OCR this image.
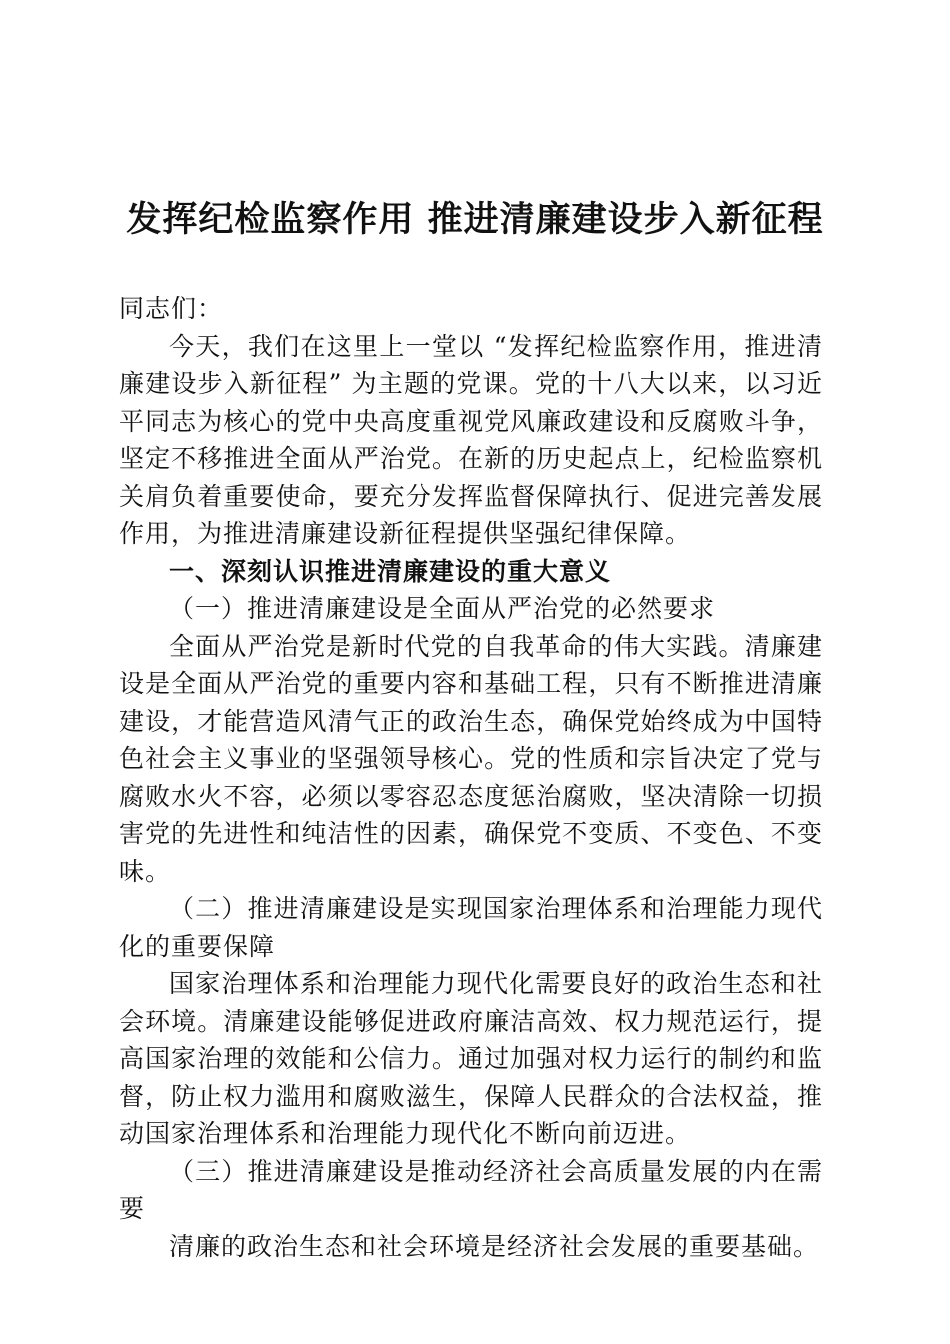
发挥纪检监察作用 推进清廉建设步入新征程

同志们：

今天，我们在这里上一堂以 “发挥纪检监察作用，推进清廉建设步入新征程” 为主题的党课。党的十八大以来，以习近平同志为核心的党中央高度重视党风廉政建设和反腐败斗争，坚定不移推进全面从严治党。在新的历史起点上，纪检监察机关肩负着重要使命，要充分发挥监督保障执行、促进完善发展作用，为推进清廉建设新征程提供坚强纪律保障。

一、深刻认识推进清廉建设的重大意义

（一）推进清廉建设是全面从严治党的必然要求

全面从严治党是新时代党的自我革命的伟大实践。清廉建设是全面从严治党的重要内容和基础工程，只有不断推进清廉建设，才能营造风清气正的政治生态，确保党始终成为中国特色社会主义事业的坚强领导核心。党的性质和宗旨决定了党与腐败水火不容，必须以零容忍态度惩治腐败，坚决清除一切损害党的先进性和纯洁性的因素，确保党不变质、不变色、不变味。

（二）推进清廉建设是实现国家治理体系和治理能力现代化的重要保障

国家治理体系和治理能力现代化需要良好的政治生态和社会环境。清廉建设能够促进政府廉洁高效、权力规范运行，提高国家治理的效能和公信力。通过加强对权力运行的制约和监督，防止权力滥用和腐败滋生，保障人民群众的合法权益，推动国家治理体系和治理能力现代化不断向前迈进。

（三）推进清廉建设是推动经济社会高质量发展的内在需要

清廉的政治生态和社会环境是经济社会发展的重要基础。
